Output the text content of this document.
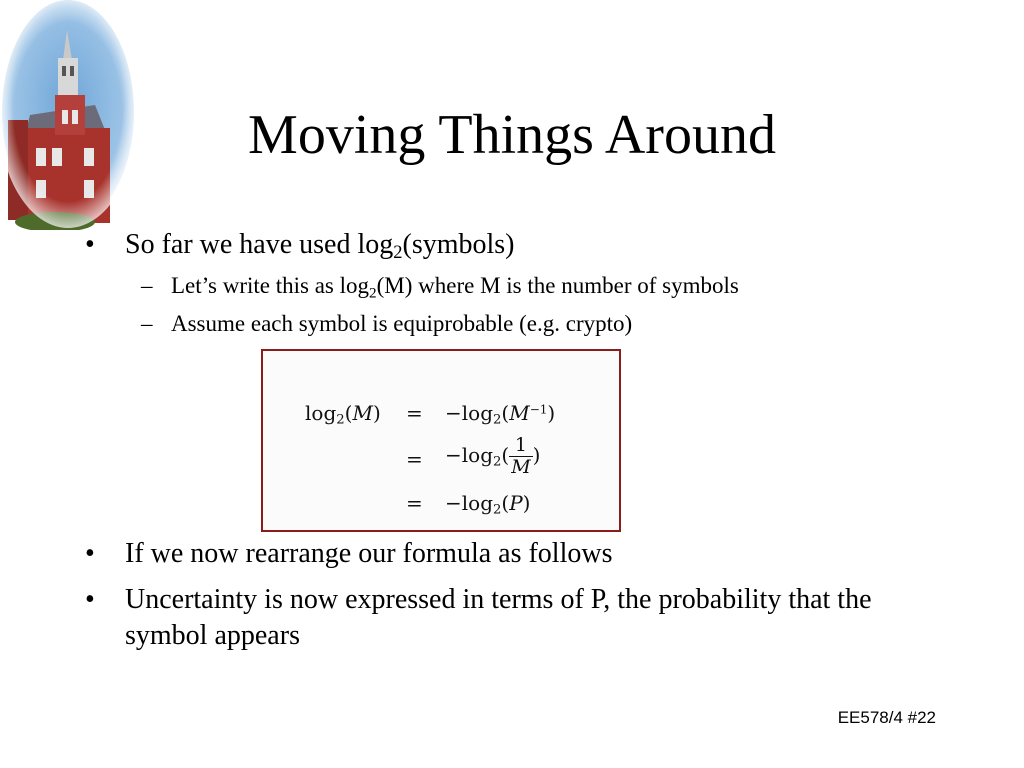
Moving Things Around
• So far we have used $\log_2(symbols)$
– Let’s write this as $\log_2(M)$ where M is the number of symbols
– Assume each symbol is equiprobable (e.g. crypto)
$\log_2(M) = -\log_2(M^{-1})$
= $-\log_2( \frac{1}{M}$ )
= $-\log_2(P)$
• If we now rearrange our formula as follows
• Uncertainty is now expressed in terms of P, the probability that the symbol appears
EE578/4 #22
